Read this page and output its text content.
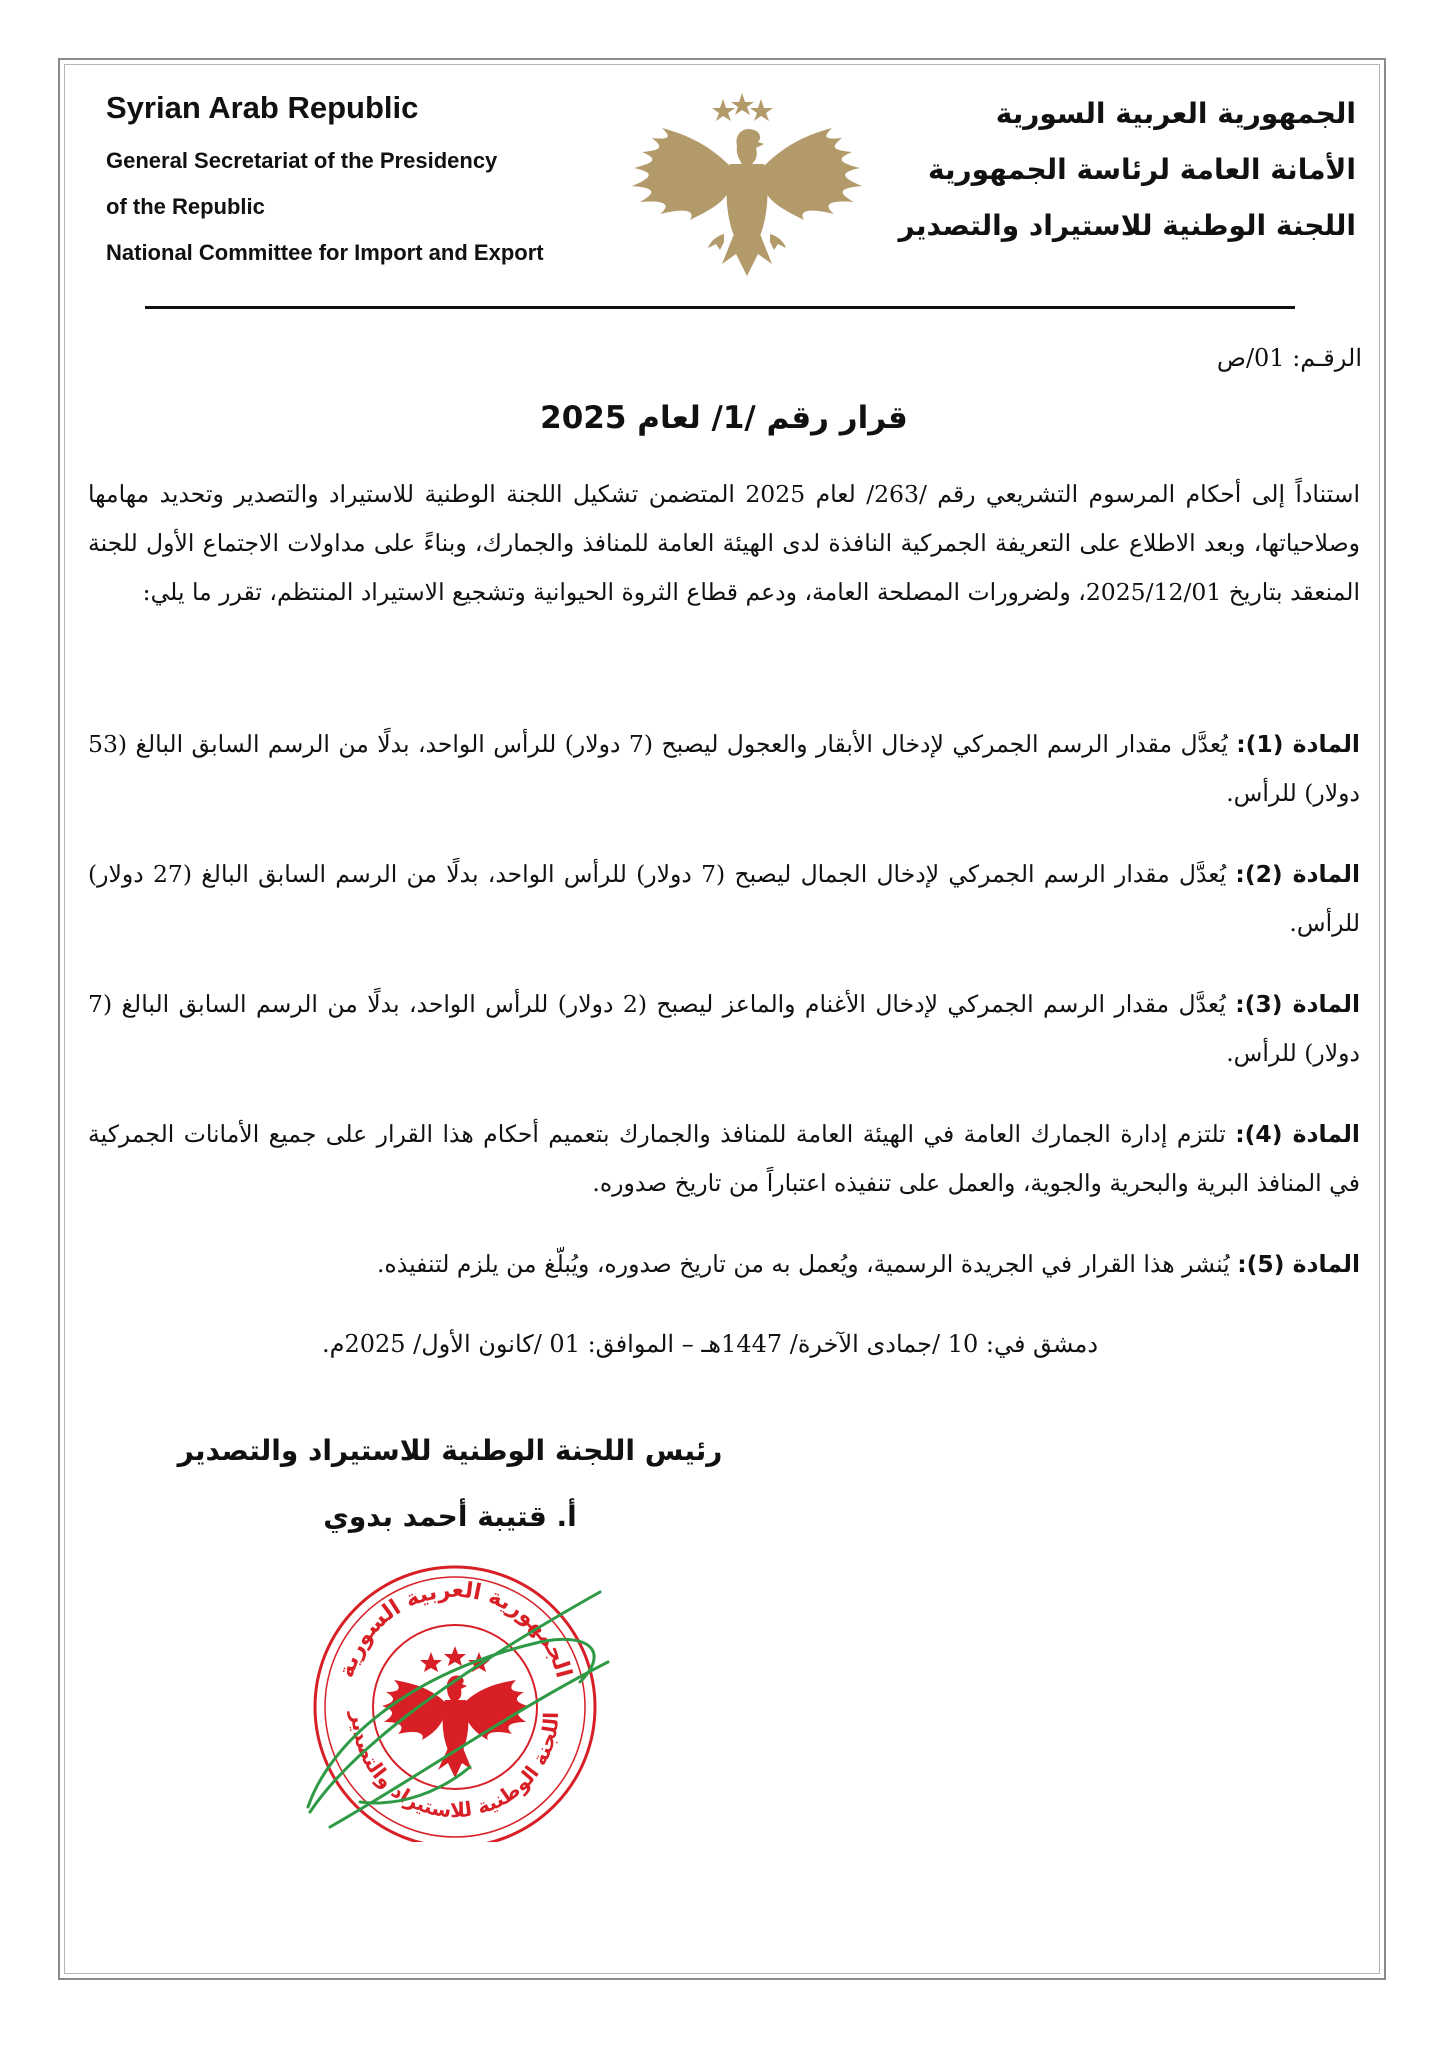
Syrian Arab Republic
General Secretariat of the Presidency
of the Republic
National Committee for Import and Export
الجمهورية العربية السورية
الأمانة العامة لرئاسة الجمهورية
اللجنة الوطنية للاستيراد والتصدير
الرقـم: 01/ص
قرار رقم /1/ لعام 2025
استناداً إلى أحكام المرسوم التشريعي رقم /263/ لعام 2025 المتضمن تشكيل اللجنة الوطنية للاستيراد والتصدير وتحديد مهامها وصلاحياتها، وبعد الاطلاع على التعريفة الجمركية النافذة لدى الهيئة العامة للمنافذ والجمارك، وبناءً على مداولات الاجتماع الأول للجنة المنعقد بتاريخ 2025/12/01، ولضرورات المصلحة العامة، ودعم قطاع الثروة الحيوانية وتشجيع الاستيراد المنتظم، تقرر ما يلي:
المادة (1): يُعدَّل مقدار الرسم الجمركي لإدخال الأبقار والعجول ليصبح (7 دولار) للرأس الواحد، بدلًا من الرسم السابق البالغ (53 دولار) للرأس.
المادة (2): يُعدَّل مقدار الرسم الجمركي لإدخال الجمال ليصبح (7 دولار) للرأس الواحد، بدلًا من الرسم السابق البالغ (27 دولار) للرأس.
المادة (3): يُعدَّل مقدار الرسم الجمركي لإدخال الأغنام والماعز ليصبح (2 دولار) للرأس الواحد، بدلًا من الرسم السابق البالغ (7 دولار) للرأس.
المادة (4): تلتزم إدارة الجمارك العامة في الهيئة العامة للمنافذ والجمارك بتعميم أحكام هذا القرار على جميع الأمانات الجمركية في المنافذ البرية والبحرية والجوية، والعمل على تنفيذه اعتباراً من تاريخ صدوره.
المادة (5): يُنشر هذا القرار في الجريدة الرسمية، ويُعمل به من تاريخ صدوره، ويُبلّغ من يلزم لتنفيذه.
دمشق في: 10 /جمادى الآخرة/ 1447هـ – الموافق: 01 /كانون الأول/ 2025م.
رئيس اللجنة الوطنية للاستيراد والتصدير
أ. قتيبة أحمد بدوي
الجمهورية العربية السورية
اللجنة الوطنية للاستيراد والتصدير
